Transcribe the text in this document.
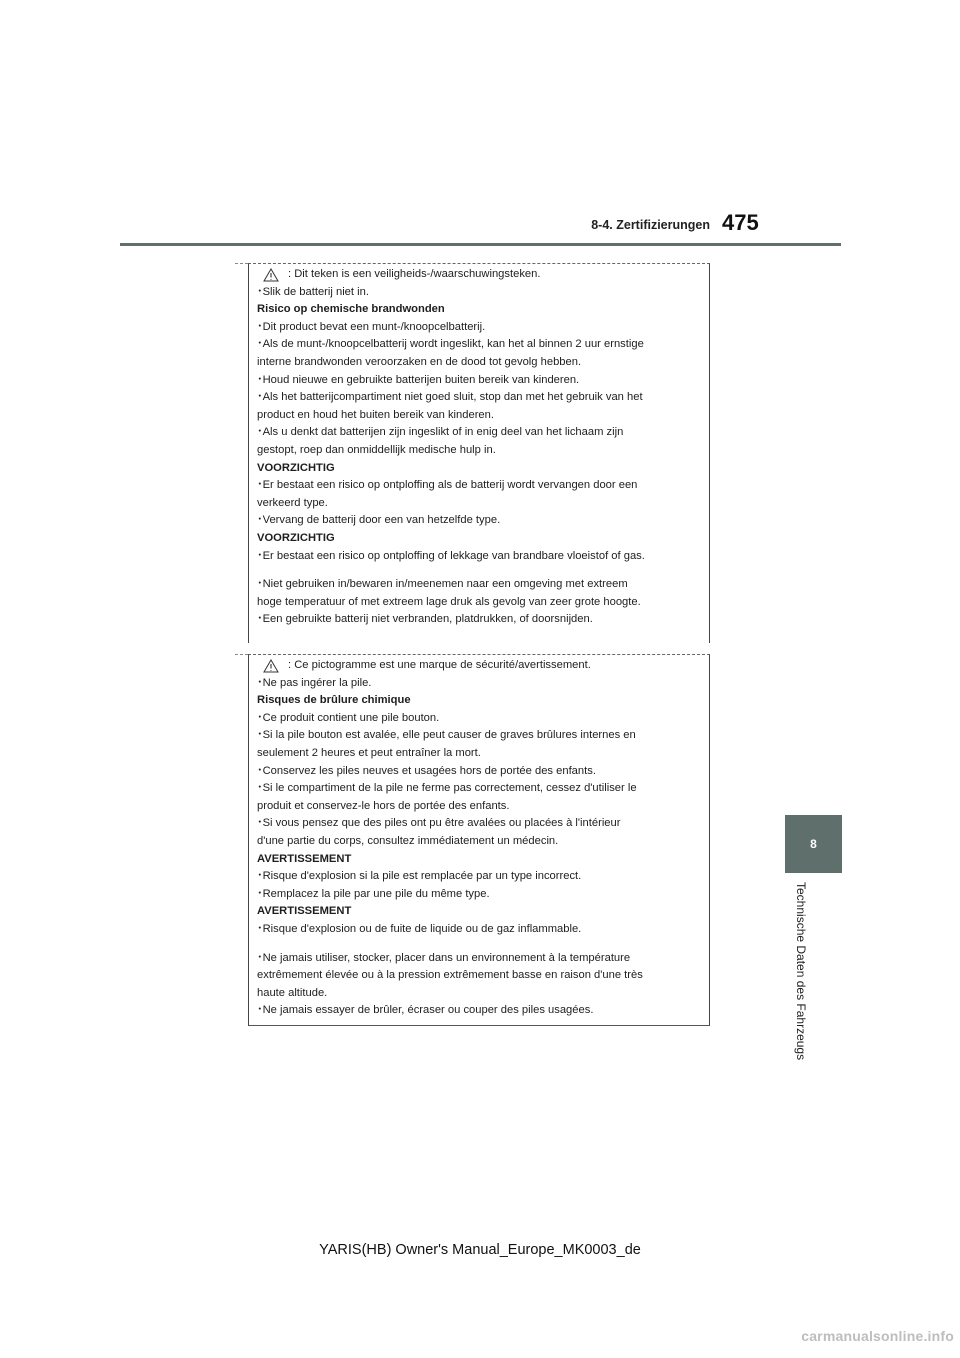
8-4. Zertifizierungen 475
8
Technische Daten des Fahrzeugs
: Dit teken is een veiligheids-/waarschuwingsteken.
･Slik de batterij niet in.
Risico op chemische brandwonden
･Dit product bevat een munt-/knoopcelbatterij.
･Als de munt-/knoopcelbatterij wordt ingeslikt, kan het al binnen 2 uur ernstige
interne brandwonden veroorzaken en de dood tot gevolg hebben.
･Houd nieuwe en gebruikte batterijen buiten bereik van kinderen.
･Als het batterijcompartiment niet goed sluit, stop dan met het gebruik van het
product en houd het buiten bereik van kinderen.
･Als u denkt dat batterijen zijn ingeslikt of in enig deel van het lichaam zijn
gestopt, roep dan onmiddellijk medische hulp in.
VOORZICHTIG
･Er bestaat een risico op ontploffing als de batterij wordt vervangen door een
verkeerd type.
･Vervang de batterij door een van hetzelfde type.
VOORZICHTIG
･Er bestaat een risico op ontploffing of lekkage van brandbare vloeistof of gas.
･Niet gebruiken in/bewaren in/meenemen naar een omgeving met extreem
hoge temperatuur of met extreem lage druk als gevolg van zeer grote hoogte.
･Een gebruikte batterij niet verbranden, platdrukken, of doorsnijden.
: Ce pictogramme est une marque de sécurité/avertissement.
･Ne pas ingérer la pile.
Risques de brûlure chimique
･Ce produit contient une pile bouton.
･Si la pile bouton est avalée, elle peut causer de graves brûlures internes en
seulement 2 heures et peut entraîner la mort.
･Conservez les piles neuves et usagées hors de portée des enfants.
･Si le compartiment de la pile ne ferme pas correctement, cessez d'utiliser le
produit et conservez-le hors de portée des enfants.
･Si vous pensez que des piles ont pu être avalées ou placées à l'intérieur
d'une partie du corps, consultez immédiatement un médecin.
AVERTISSEMENT
･Risque d'explosion si la pile est remplacée par un type incorrect.
･Remplacez la pile par une pile du même type.
AVERTISSEMENT
･Risque d'explosion ou de fuite de liquide ou de gaz inflammable.
･Ne jamais utiliser, stocker, placer dans un environnement à la température
extrêmement élevée ou à la pression extrêmement basse en raison d'une très
haute altitude.
･Ne jamais essayer de brûler, écraser ou couper des piles usagées.
YARIS(HB) Owner's Manual_Europe_MK0003_de
carmanualsonline.info
